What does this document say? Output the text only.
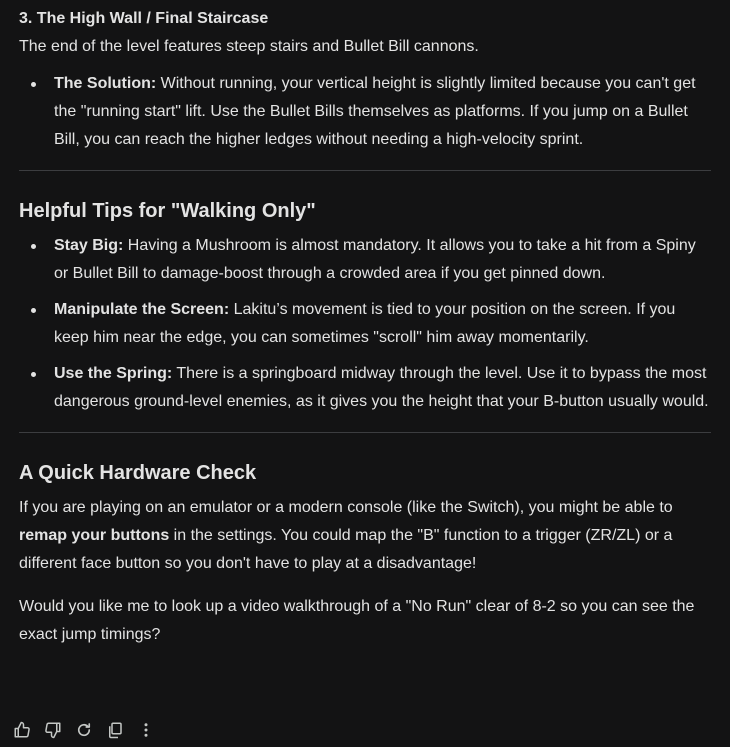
3. The High Wall / Final Staircase

The end of the level features steep stairs and Bullet Bill cannons.

The Solution: Without running, your vertical height is slightly limited because you can't get the "running start" lift. Use the Bullet Bills themselves as platforms. If you jump on a Bullet Bill, you can reach the higher ledges without needing a high-velocity sprint.
Helpful Tips for "Walking Only"
Stay Big: Having a Mushroom is almost mandatory. It allows you to take a hit from a Spiny or Bullet Bill to damage-boost through a crowded area if you get pinned down.
Manipulate the Screen: Lakitu’s movement is tied to your position on the screen. If you keep him near the edge, you can sometimes "scroll" him away momentarily.
Use the Spring: There is a springboard midway through the level. Use it to bypass the most dangerous ground-level enemies, as it gives you the height that your B-button usually would.
A Quick Hardware Check

If you are playing on an emulator or a modern console (like the Switch), you might be able to remap your buttons in the settings. You could map the "B" function to a trigger (ZR/ZL) or a different face button so you don't have to play at a disadvantage!

Would you like me to look up a video walkthrough of a "No Run" clear of 8-2 so you can see the exact jump timings?
